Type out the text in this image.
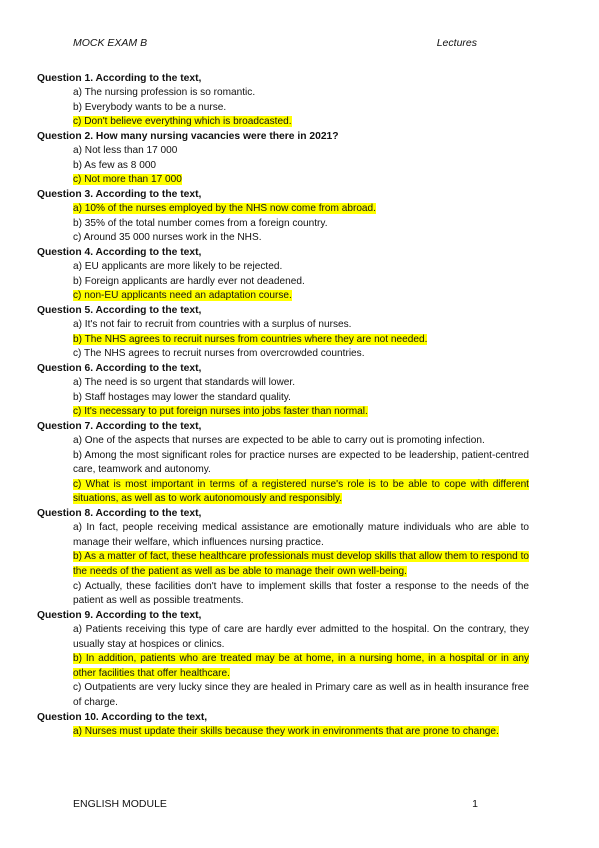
MOCK EXAM B	Lectures

Question 1. According to the text,

a) The nursing profession is so romantic.

b) Everybody wants to be a nurse.

c) Don't believe everything which is broadcasted.

Question 2. How many nursing vacancies were there in 2021?

a) Not less than 17 000

b) As few as 8 000

c) Not more than 17 000

Question 3. According to the text,

a) 10% of the nurses employed by the NHS now come from abroad.

b) 35% of the total number comes from a foreign country.

c) Around 35 000 nurses work in the NHS.

Question 4. According to the text,

a) EU applicants are more likely to be rejected.

b) Foreign applicants are hardly ever not deadened.

c) non-EU applicants need an adaptation course.

Question 5. According to the text,

a) It's not fair to recruit from countries with a surplus of nurses.

b) The NHS agrees to recruit nurses from countries where they are not needed.

c) The NHS agrees to recruit nurses from overcrowded countries.

Question 6. According to the text,

a) The need is so urgent that standards will lower.

b) Staff hostages may lower the standard quality.

c) It's necessary to put foreign nurses into jobs faster than normal.

Question 7. According to the text,

a) One of the aspects that nurses are expected to be able to carry out is promoting infection.

b) Among the most significant roles for practice nurses are expected to be leadership, patient-centred care, teamwork and autonomy.

c) What is most important in terms of a registered nurse's role is to be able to cope with different situations, as well as to work autonomously and responsibly.

Question 8. According to the text,

a) In fact, people receiving medical assistance are emotionally mature individuals who are able to manage their welfare, which influences nursing practice.

b) As a matter of fact, these healthcare professionals must develop skills that allow them to respond to the needs of the patient as well as be able to manage their own well-being.

c) Actually, these facilities don't have to implement skills that foster a response to the needs of the patient as well as possible treatments.

Question 9. According to the text,

a) Patients receiving this type of care are hardly ever admitted to the hospital. On the contrary, they usually stay at hospices or clinics.

b) In addition, patients who are treated may be at home, in a nursing home, in a hospital or in any other facilities that offer healthcare.

c) Outpatients are very lucky since they are healed in Primary care as well as in health insurance free of charge.

Question 10. According to the text,

a) Nurses must update their skills because they work in environments that are prone to change.

ENGLISH MODULE	1
